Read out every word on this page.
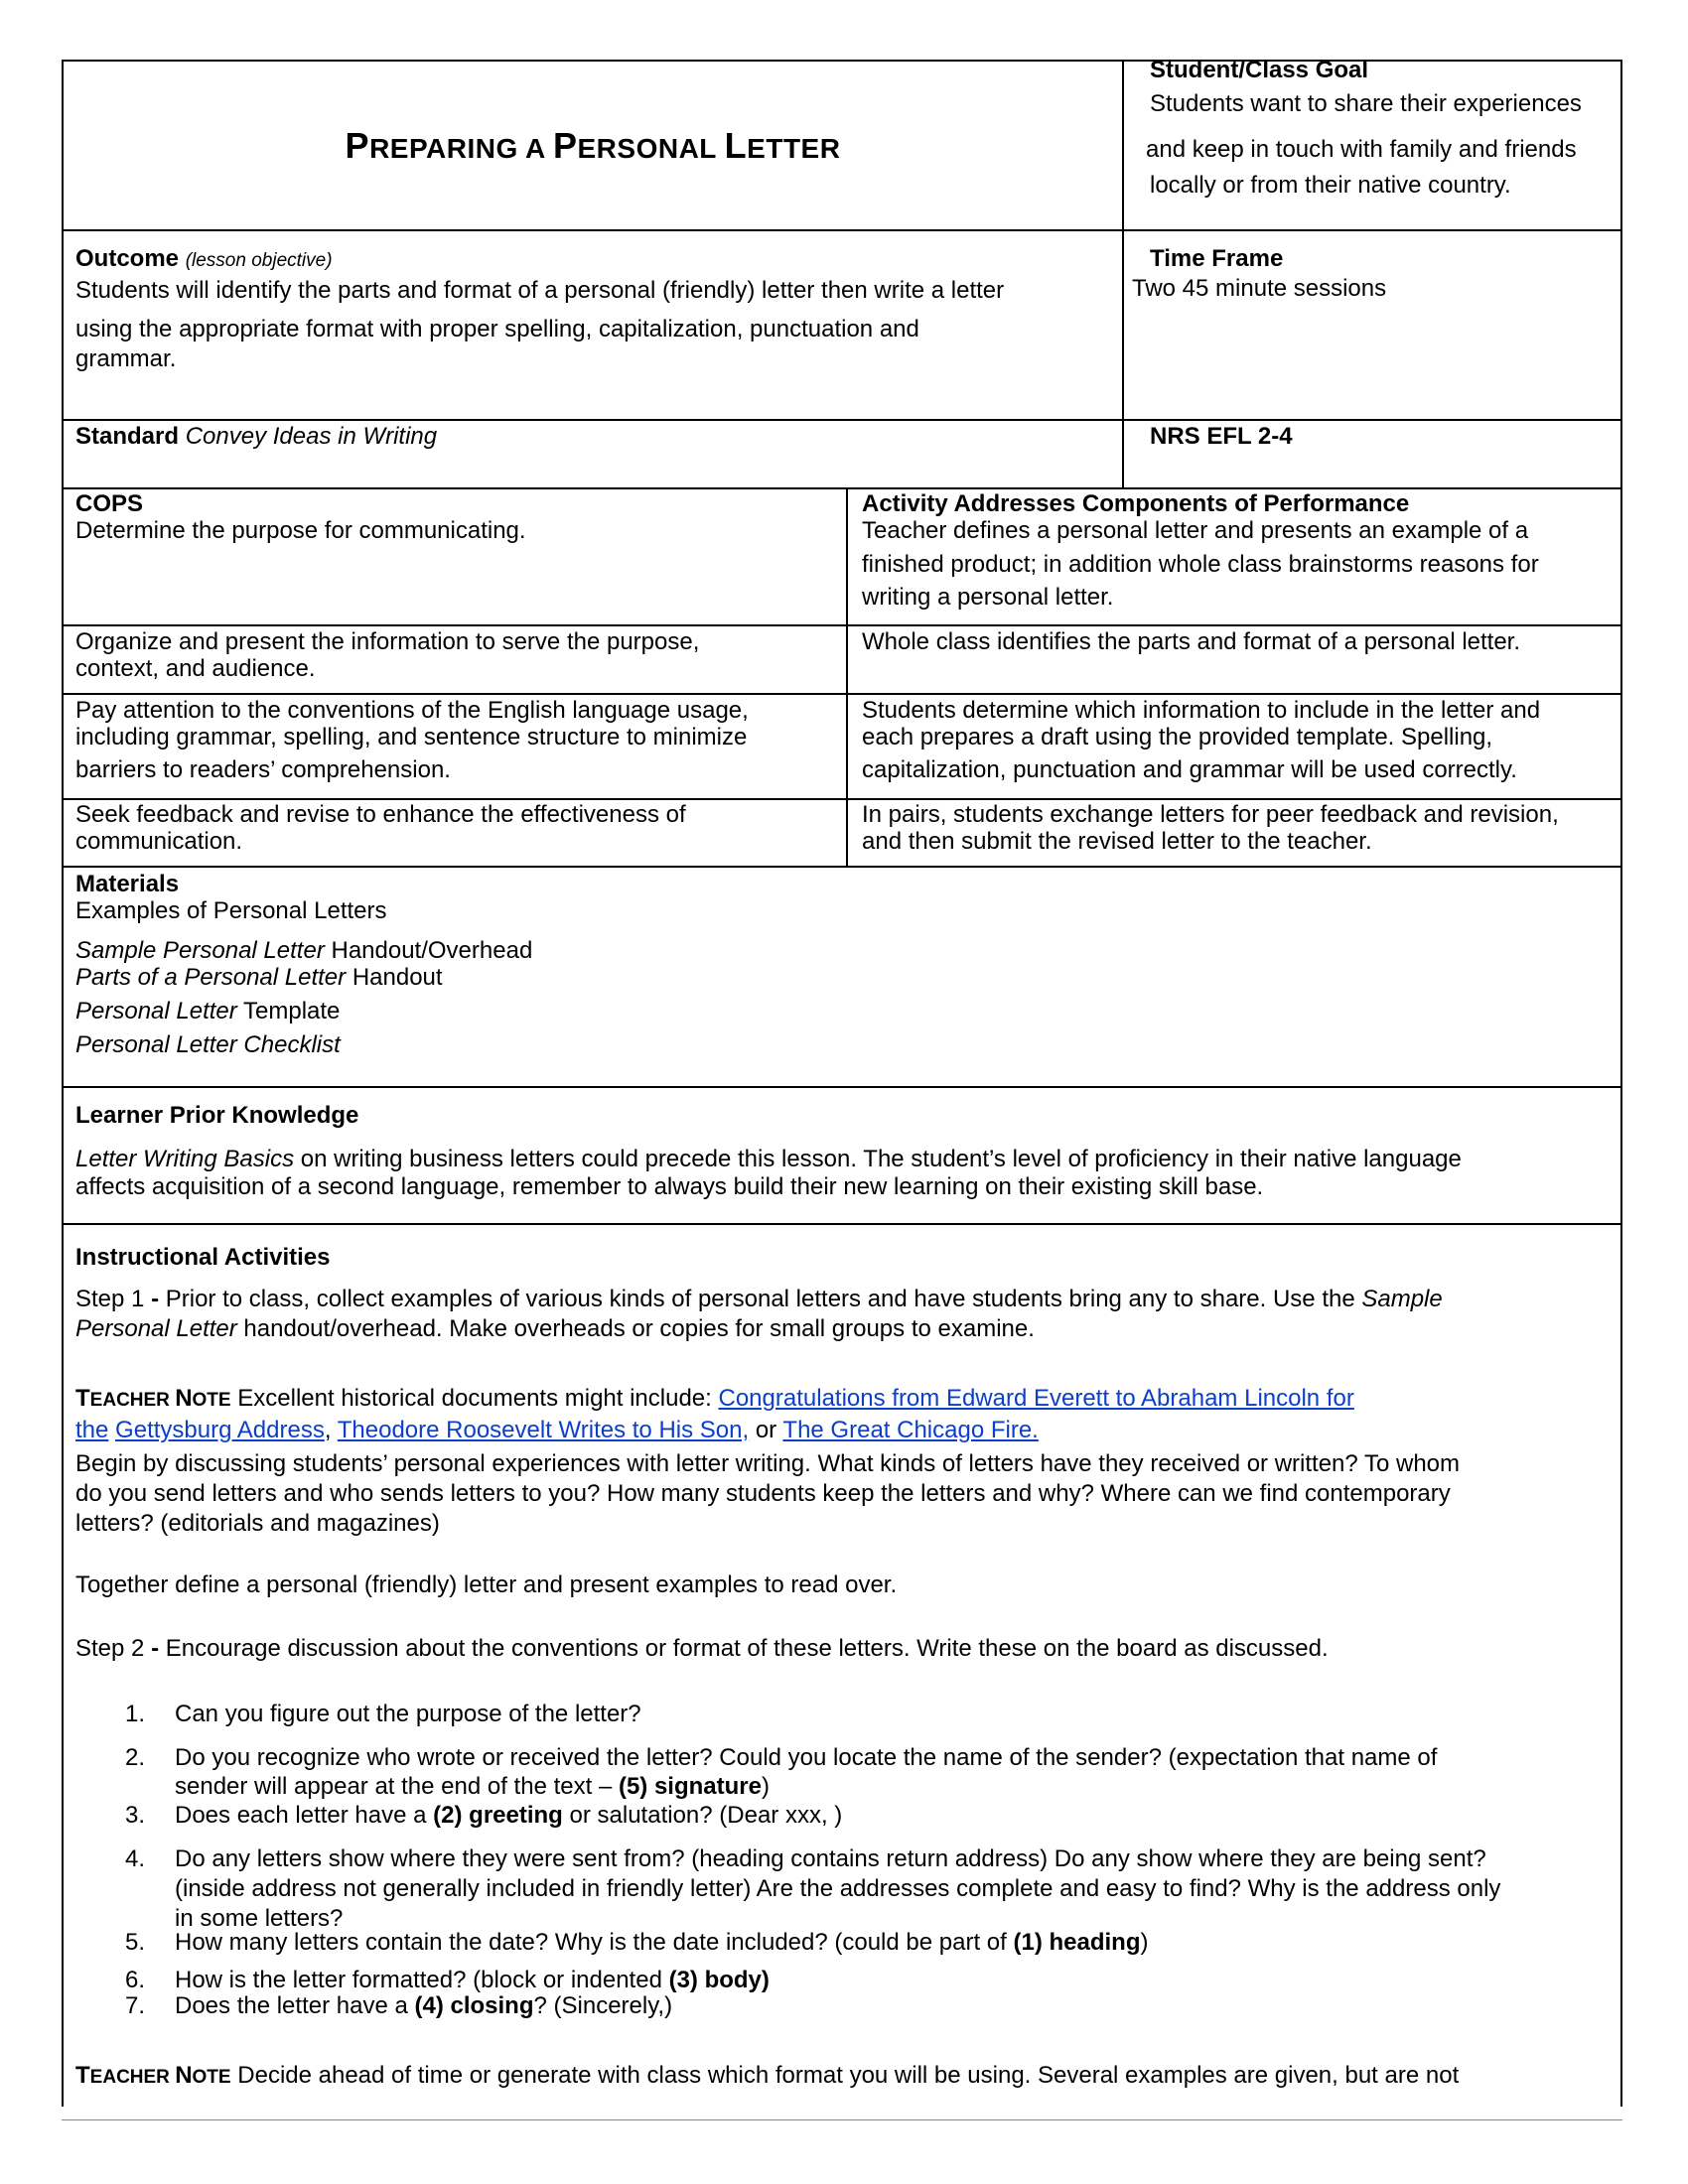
PREPARING A PERSONAL LETTER
Student/Class Goal
Students want to share their experiences
and keep in touch with family and friends
locally or from their native country.
Outcome (lesson objective)
Students will identify the parts and format of a personal (friendly) letter then write a letter
using the appropriate format with proper spelling, capitalization, punctuation and
grammar.
Time Frame
Two 45 minute sessions
Standard Convey Ideas in Writing	NRS EFL 2-4
COPS
Determine the purpose for communicating.
Activity Addresses Components of Performance
Teacher defines a personal letter and presents an example of a
finished product; in addition whole class brainstorms reasons for
writing a personal letter.
Organize and present the information to serve the purpose,
context, and audience.
Whole class identifies the parts and format of a personal letter.
Pay attention to the conventions of the English language usage,
including grammar, spelling, and sentence structure to minimize
barriers to readers’ comprehension.
Students determine which information to include in the letter and
each prepares a draft using the provided template. Spelling,
capitalization, punctuation and grammar will be used correctly.
Seek feedback and revise to enhance the effectiveness of
communication.
In pairs, students exchange letters for peer feedback and revision,
and then submit the revised letter to the teacher.
Materials
Examples of Personal Letters
Sample Personal Letter Handout/Overhead
Parts of a Personal Letter Handout
Personal Letter Template
Personal Letter Checklist
Learner Prior Knowledge
Letter Writing Basics on writing business letters could precede this lesson. The student’s level of proficiency in their native language
affects acquisition of a second language, remember to always build their new learning on their existing skill base.
Instructional Activities
Step 1 - Prior to class, collect examples of various kinds of personal letters and have students bring any to share. Use the Sample
Personal Letter handout/overhead. Make overheads or copies for small groups to examine.
TEACHER NOTE Excellent historical documents might include: Congratulations from Edward Everett to Abraham Lincoln for
the Gettysburg Address, Theodore Roosevelt Writes to His Son, or The Great Chicago Fire.
Begin by discussing students’ personal experiences with letter writing. What kinds of letters have they received or written? To whom
do you send letters and who sends letters to you? How many students keep the letters and why? Where can we find contemporary
letters? (editorials and magazines)
Together define a personal (friendly) letter and present examples to read over.
Step 2 - Encourage discussion about the conventions or format of these letters. Write these on the board as discussed.
1. Can you figure out the purpose of the letter?
2. Do you recognize who wrote or received the letter? Could you locate the name of the sender? (expectation that name of
sender will appear at the end of the text – (5) signature)
3. Does each letter have a (2) greeting or salutation? (Dear xxx, )
4. Do any letters show where they were sent from? (heading contains return address) Do any show where they are being sent?
(inside address not generally included in friendly letter) Are the addresses complete and easy to find? Why is the address only
in some letters?
5. How many letters contain the date? Why is the date included? (could be part of (1) heading)
6. How is the letter formatted? (block or indented (3) body)
7. Does the letter have a (4) closing? (Sincerely,)
TEACHER NOTE Decide ahead of time or generate with class which format you will be using. Several examples are given, but are not
